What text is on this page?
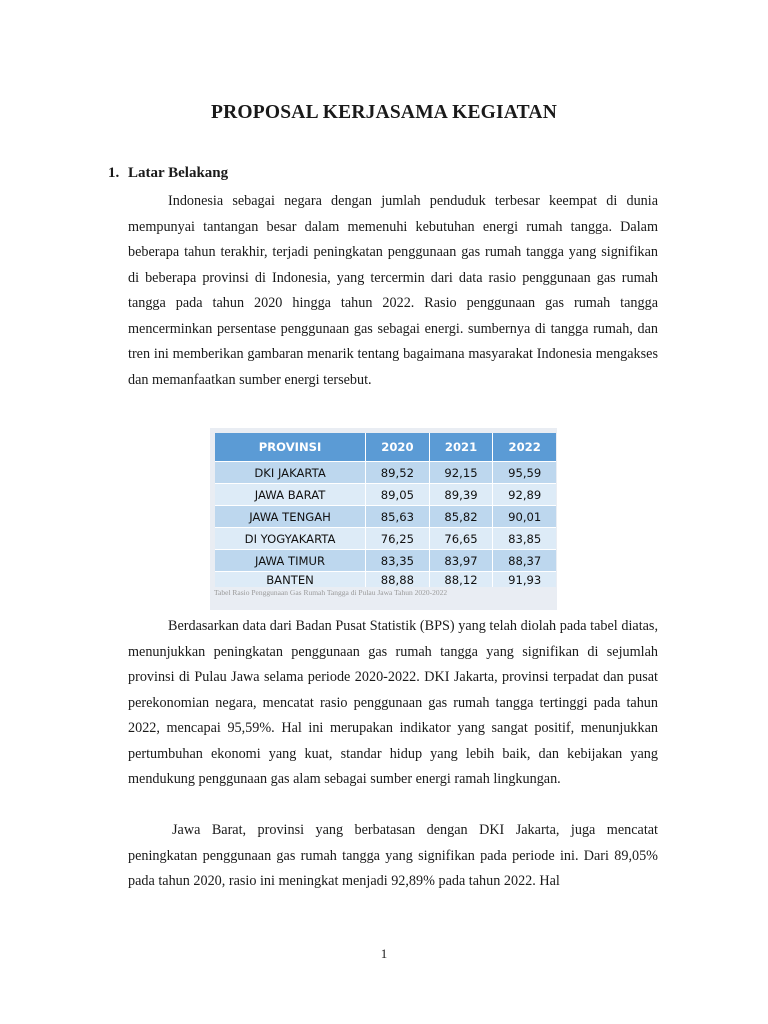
PROPOSAL KERJASAMA KEGIATAN
1. Latar Belakang

Indonesia sebagai negara dengan jumlah penduduk terbesar keempat di dunia mempunyai tantangan besar dalam memenuhi kebutuhan energi rumah tangga. Dalam beberapa tahun terakhir, terjadi peningkatan penggunaan gas rumah tangga yang signifikan di beberapa provinsi di Indonesia, yang tercermin dari data rasio penggunaan gas rumah tangga pada tahun 2020 hingga tahun 2022. Rasio penggunaan gas rumah tangga mencerminkan persentase penggunaan gas sebagai energi. sumbernya di tangga rumah, dan tren ini memberikan gambaran menarik tentang bagaimana masyarakat Indonesia mengakses dan memanfaatkan sumber energi tersebut.

PROVINSI	2020	2021	2022
DKI JAKARTA	89,52	92,15	95,59
JAWA BARAT	89,05	89,39	92,89
JAWA TENGAH	85,63	85,82	90,01
DI YOGYAKARTA	76,25	76,65	83,85
JAWA TIMUR	83,35	83,97	88,37
BANTEN	88,88	88,12	91,93
Tabel Rasio Penggunaan Gas Rumah Tangga di Pulau Jawa Tahun 2020-2022

Berdasarkan data dari Badan Pusat Statistik (BPS) yang telah diolah pada tabel diatas, menunjukkan peningkatan penggunaan gas rumah tangga yang signifikan di sejumlah provinsi di Pulau Jawa selama periode 2020-2022. DKI Jakarta, provinsi terpadat dan pusat perekonomian negara, mencatat rasio penggunaan gas rumah tangga tertinggi pada tahun 2022, mencapai 95,59%. Hal ini merupakan indikator yang sangat positif, menunjukkan pertumbuhan ekonomi yang kuat, standar hidup yang lebih baik, dan kebijakan yang mendukung penggunaan gas alam sebagai sumber energi ramah lingkungan.

Jawa Barat, provinsi yang berbatasan dengan DKI Jakarta, juga mencatat peningkatan penggunaan gas rumah tangga yang signifikan pada periode ini. Dari 89,05% pada tahun 2020, rasio ini meningkat menjadi 92,89% pada tahun 2022. Hal

1
